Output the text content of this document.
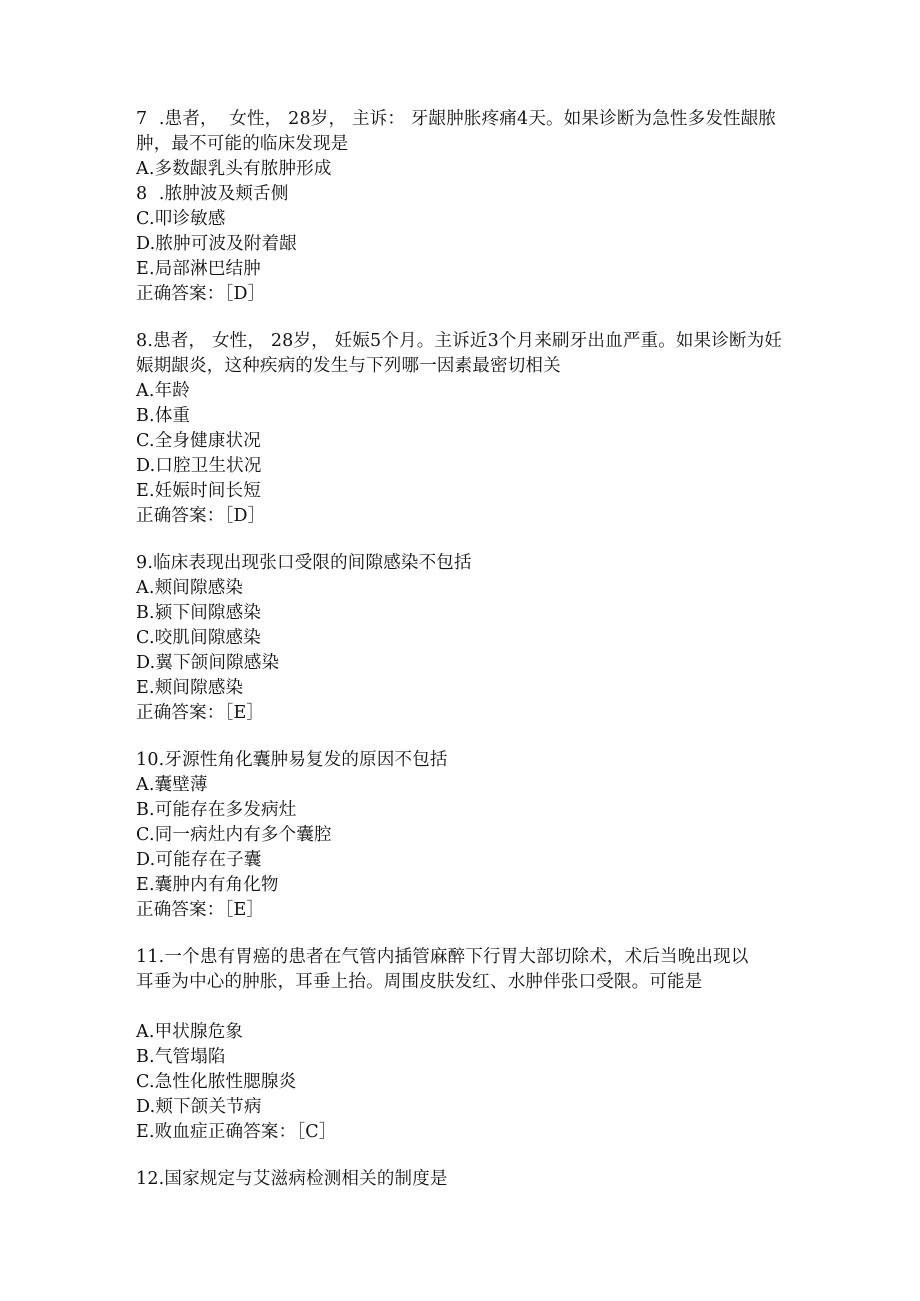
7  .患者，  女性， 28岁， 主诉： 牙龈肿胀疼痛4天。如果诊断为急性多发性龈脓
肿，最不可能的临床发现是
A.多数龈乳头有脓肿形成
8  .脓肿波及颊舌侧
C.叩诊敏感
D.脓肿可波及附着龈
E.局部淋巴结肿
正确答案：［D］
8.患者， 女性， 28岁， 妊娠5个月。主诉近3个月来刷牙出血严重。如果诊断为妊
娠期龈炎，这种疾病的发生与下列哪一因素最密切相关
A.年龄
B.体重
C.全身健康状况
D.口腔卫生状况
E.妊娠时间长短
正确答案：［D］
9.临床表现出现张口受限的间隙感染不包括
A.颊间隙感染
B.颍下间隙感染
C.咬肌间隙感染
D.翼下颌间隙感染
E.颊间隙感染
正确答案：［E］
10.牙源性角化囊肿易复发的原因不包括
A.囊壁薄
B.可能存在多发病灶
C.同一病灶内有多个囊腔
D.可能存在子囊
E.囊肿内有角化物
正确答案：［E］
11.一个患有胃癌的患者在气管内插管麻醉下行胃大部切除术，术后当晚出现以
耳垂为中心的肿胀，耳垂上抬。周围皮肤发红、水肿伴张口受限。可能是
A.甲状腺危象
B.气管塌陷
C.急性化脓性腮腺炎
D.颊下颌关节病
E.败血症正确答案：［C］
12.国家规定与艾滋病检测相关的制度是
